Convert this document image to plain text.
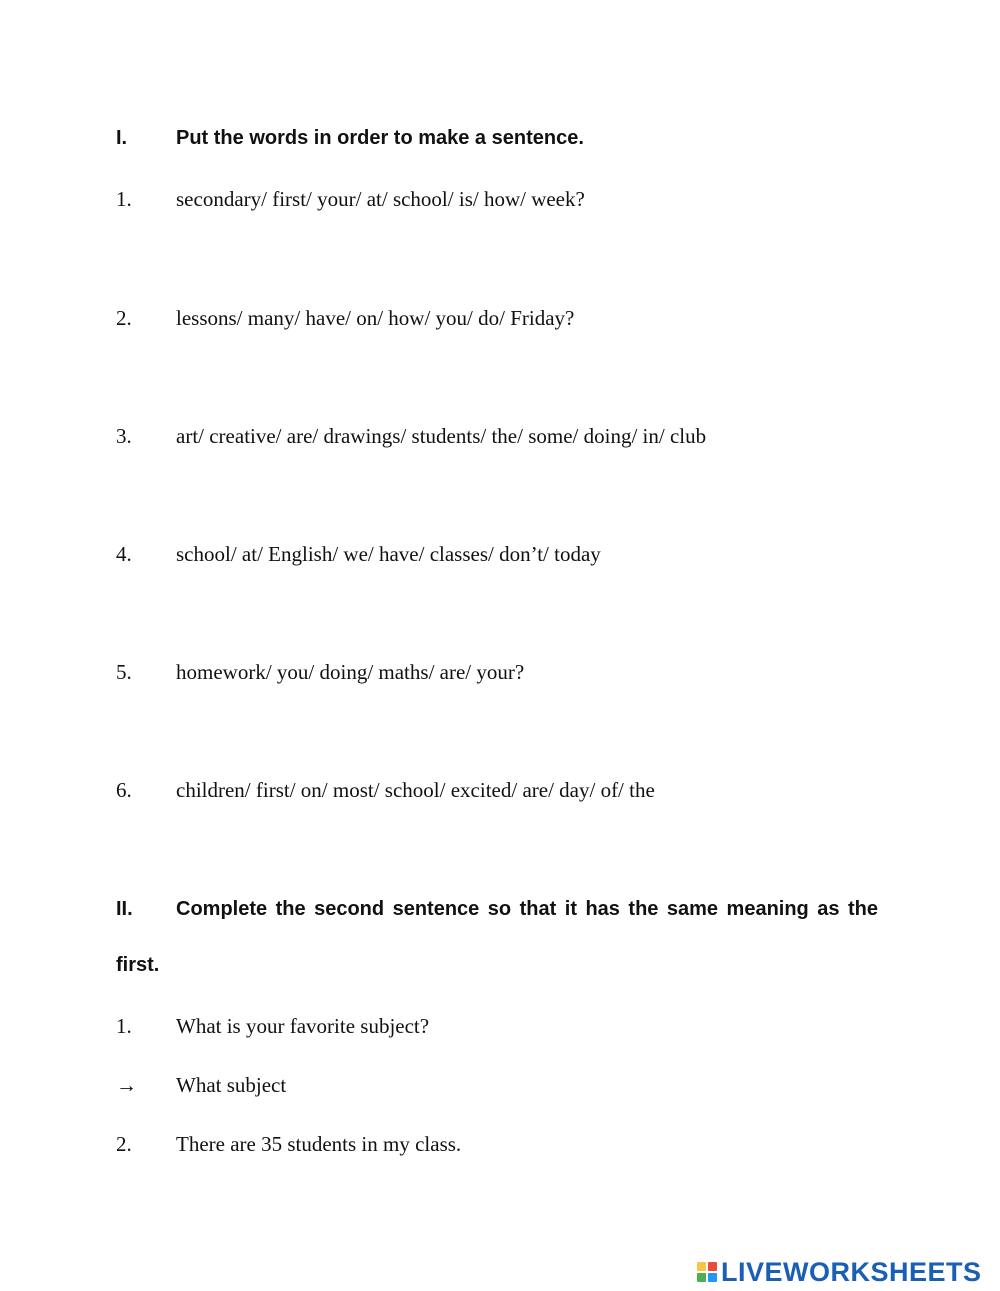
I. Put the words in order to make a sentence.
1. secondary/ first/ your/ at/ school/ is/ how/ week?
2. lessons/ many/ have/ on/ how/ you/ do/ Friday?
3. art/ creative/ are/ drawings/ students/ the/ some/ doing/ in/ club
4. school/ at/ English/ we/ have/ classes/ don’t/ today
5. homework/ you/ doing/ maths/ are/ your?
6. children/ first/ on/ most/ school/ excited/ are/ day/ of/ the
II. Complete the second sentence so that it has the same meaning as the
first.
1. What is your favorite subject?
→ What subject
2. There are 35 students in my class.
LIVEWORKSHEETS
